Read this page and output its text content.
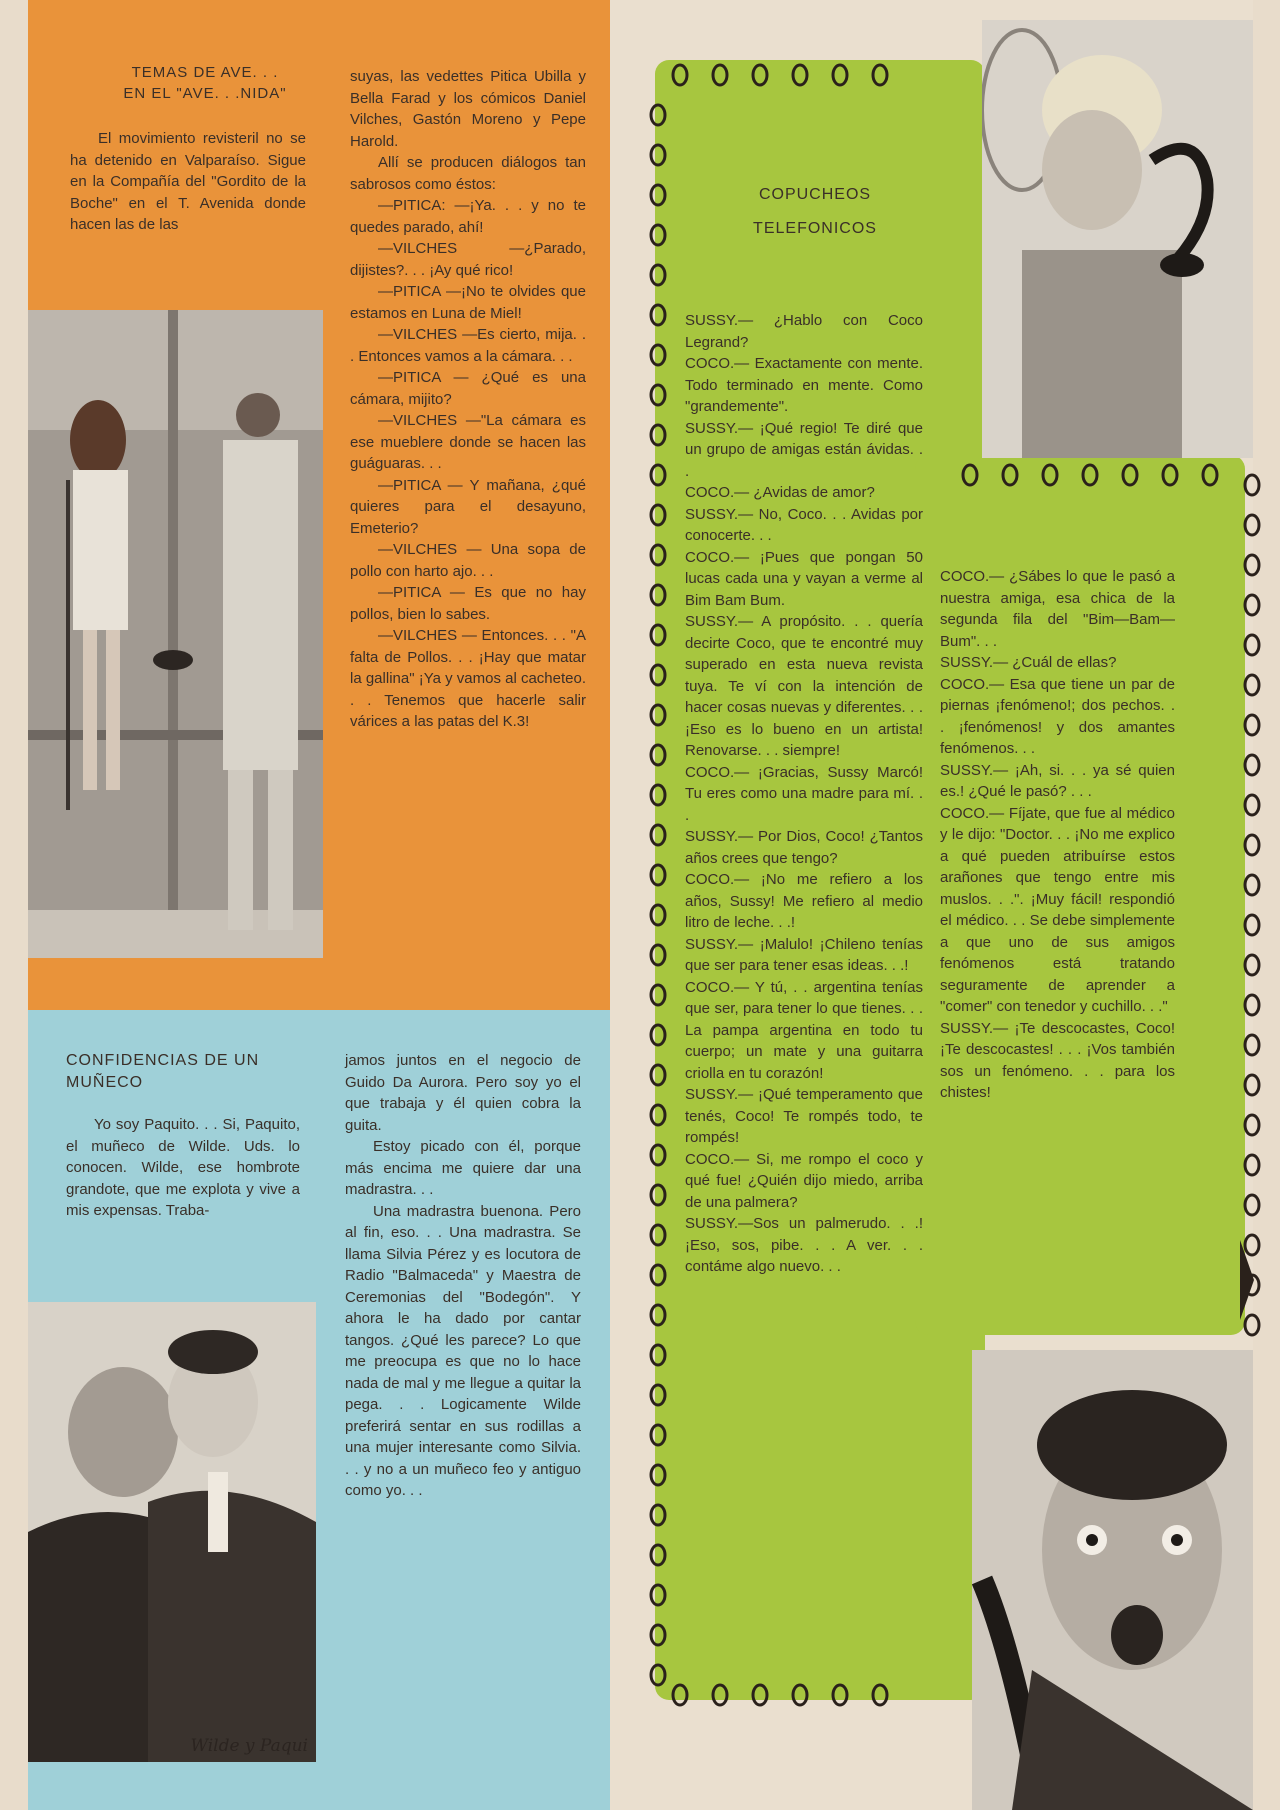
TEMAS DE AVE. . .
EN EL "AVE. . .NIDA"

El movimiento revisteril no se ha detenido en Valparaíso. Sigue en la Compañía del "Gordito de la Boche" en el T. Avenida donde hacen las de las

suyas, las vedettes Pitica Ubilla y Bella Farad y los cómicos Daniel Vilches, Gastón Moreno y Pepe Harold.

Allí se producen diálogos tan sabrosos como éstos:

—PITICA: —¡Ya. . . y no te quedes parado, ahí!

—VILCHES —¿Parado, dijistes?. . . ¡Ay qué rico!

—PITICA —¡No te olvides que estamos en Luna de Miel!

—VILCHES —Es cierto, mija. . . Entonces vamos a la cámara. . .

—PITICA — ¿Qué es una cámara, mijito?

—VILCHES —"La cámara es ese mueblere donde se hacen las guáguaras. . .

—PITICA — Y mañana, ¿qué quieres para el desayuno, Emeterio?

—VILCHES — Una sopa de pollo con harto ajo. . .

—PITICA — Es que no hay pollos, bien lo sabes.

—VILCHES — Entonces. . . "A falta de Pollos. . . ¡Hay que matar la gallina" ¡Ya y vamos al cacheteo. . . Tenemos que hacerle salir várices a las patas del K.3!

CONFIDENCIAS DE UN MUÑECO

Yo soy Paquito. . . Si, Paquito, el muñeco de Wilde. Uds. lo conocen. Wilde, ese hombrote grandote, que me explota y vive a mis expensas. Traba-

jamos juntos en el negocio de Guido Da Aurora. Pero soy yo el que trabaja y él quien cobra la guita.

Estoy picado con él, porque más encima me quiere dar una madrastra. . .

Una madrastra buenona. Pero al fin, eso. . . Una madrastra. Se llama Silvia Pérez y es locutora de Radio "Balmaceda" y Maestra de Ceremonias del "Bodegón". Y ahora le ha dado por cantar tangos. ¿Qué les parece? Lo que me preocupa es que no lo hace nada de mal y me llegue a quitar la pega. . . Logicamente Wilde preferirá sentar en sus rodillas a una mujer interesante como Silvia. . . y no a un muñeco feo y antiguo como yo. . .

Wilde y Paqui
COPUCHEOS
TELEFONICOS

SUSSY.— ¿Hablo con Coco Legrand?

COCO.— Exactamente con mente. Todo terminado en mente. Como "grandemente".

SUSSY.— ¡Qué regio! Te diré que un grupo de amigas están ávidas. . .

COCO.— ¿Avidas de amor?

SUSSY.— No, Coco. . . Avidas por conocerte. . .

COCO.— ¡Pues que pongan 50 lucas cada una y vayan a verme al Bim Bam Bum.

SUSSY.— A propósito. . . quería decirte Coco, que te encontré muy superado en esta nueva revista tuya. Te ví con la intención de hacer cosas nuevas y diferentes. . . ¡Eso es lo bueno en un artista! Renovarse. . . siempre!

COCO.— ¡Gracias, Sussy Marcó! Tu eres como una madre para mí. . .

SUSSY.— Por Dios, Coco! ¿Tantos años crees que tengo?

COCO.— ¡No me refiero a los años, Sussy! Me refiero al medio litro de leche. . .!

SUSSY.— ¡Malulo! ¡Chileno tenías que ser para tener esas ideas. . .!

COCO.— Y tú, . . argentina tenías que ser, para tener lo que tienes. . . La pampa argentina en todo tu cuerpo; un mate y una guitarra criolla en tu corazón!

SUSSY.— ¡Qué temperamento que tenés, Coco! Te rompés todo, te rompés!

COCO.— Si, me rompo el coco y qué fue! ¿Quién dijo miedo, arriba de una palmera?

SUSSY.—Sos un palmerudo. . .! ¡Eso, sos, pibe. . . A ver. . . contáme algo nuevo. . .

COCO.— ¿Sábes lo que le pasó a nuestra amiga, esa chica de la segunda fila del "Bim—Bam—Bum". . .

SUSSY.— ¿Cuál de ellas?

COCO.— Esa que tiene un par de piernas ¡fenómeno!; dos pechos. . . ¡fenómenos! y dos amantes fenómenos. . .

SUSSY.— ¡Ah, si. . . ya sé quien es.! ¿Qué le pasó? . . .

COCO.— Fíjate, que fue al médico y le dijo: "Doctor. . . ¡No me explico a qué pueden atribuírse estos arañones que tengo entre mis muslos. . .". ¡Muy fácil! respondió el médico. . . Se debe simplemente a que uno de sus amigos fenómenos está tratando seguramente de aprender a "comer" con tenedor y cuchillo. . ."

SUSSY.— ¡Te descocastes, Coco! ¡Te descocastes! . . . ¡Vos también sos un fenómeno. . . para los chistes!
